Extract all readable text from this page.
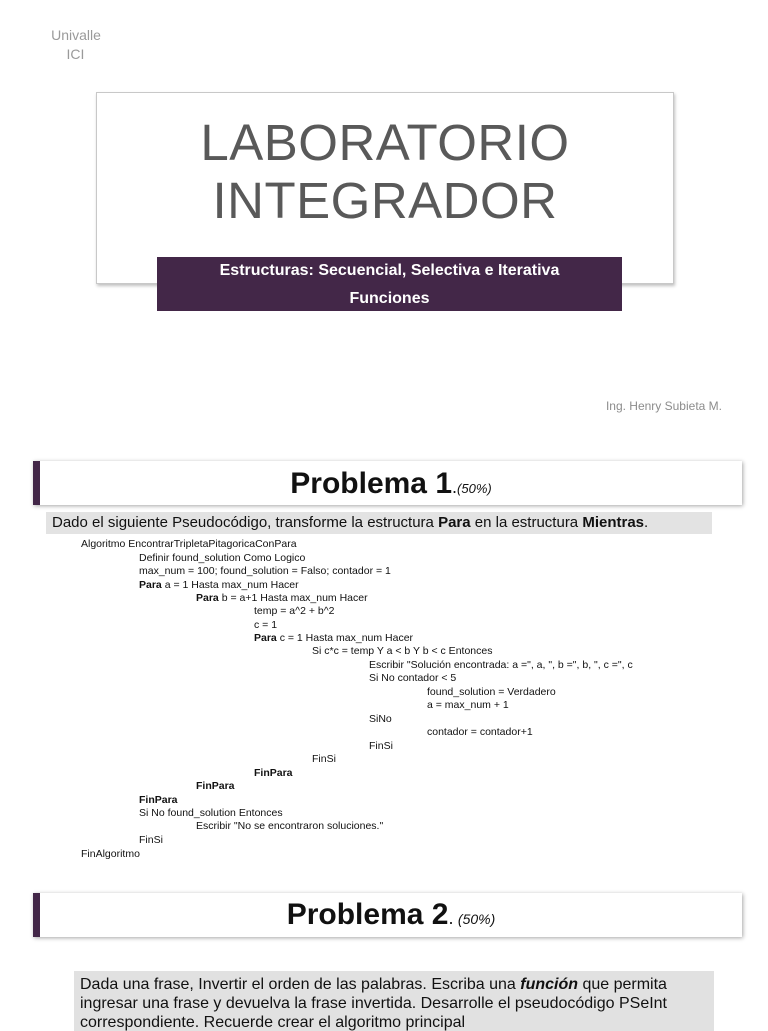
Univalle
ICI
LABORATORIO
INTEGRADOR
Estructuras: Secuencial, Selectiva e Iterativa
Funciones
Ing. Henry Subieta M.
Problema 1.(50%)
Dado el siguiente Pseudocódigo, transforme la estructura Para en la estructura Mientras.
Algoritmo EncontrarTripletaPitagoricaConPara
Definir found_solution Como Logico
max_num = 100; found_solution = Falso; contador = 1
Para a = 1 Hasta max_num Hacer
Para b = a+1 Hasta max_num Hacer
temp = a^2 + b^2
c = 1
Para c = 1 Hasta max_num Hacer
Si c*c = temp Y a < b Y b < c Entonces
Escribir "Solución encontrada: a =", a, ", b =", b, ", c =", c
Si No contador < 5
found_solution = Verdadero
a = max_num + 1
SiNo
contador = contador+1
FinSi
FinSi
FinPara
FinPara
FinPara
Si No found_solution Entonces
Escribir "No se encontraron soluciones."
FinSi
FinAlgoritmo
Problema 2. (50%)
Dada una frase, Invertir el orden de las palabras. Escriba una función que permita ingresar una frase y devuelva la frase invertida. Desarrolle el pseudocódigo PSeInt correspondiente. Recuerde crear el algoritmo principal
